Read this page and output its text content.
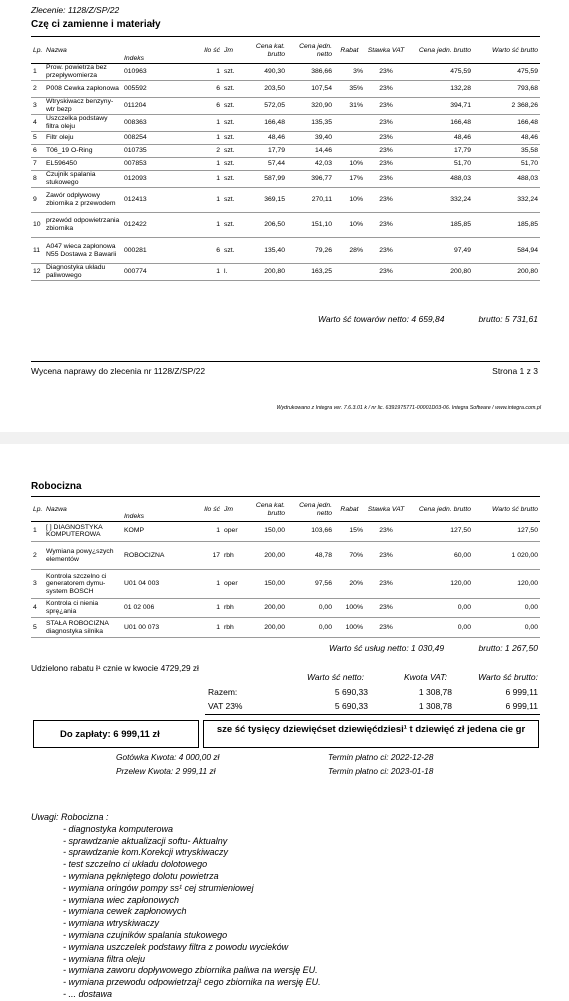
Zlecenie: 1128/Z/SP/22
Czę ci zamienne i materiały
Lp.	Nazwa	Indeks	Ilo ść	Jm	Cena kat. brutto	Cena jedn. netto	Rabat	Stawka VAT	Cena jedn. brutto	Warto ść brutto

1	Prow. powietrza bez przepływomierza	010963	1	szt.	490,30	386,66	3%	23%	475,59	475,59
2	P008 Cewka zapłonowa	005592	6	szt.	203,50	107,54	35%	23%	132,28	793,68
3	Wtryskiwacz benzyny-wtr bezp	011204	6	szt.	572,05	320,90	31%	23%	394,71	2 368,26
4	Uszczelka podstawy filtra oleju	008363	1	szt.	166,48	135,35		23%	166,48	166,48
5	Filtr oleju	008254	1	szt.	48,46	39,40		23%	48,46	48,46
6	T06_19 O-Ring	010735	2	szt.	17,79	14,46		23%	17,79	35,58
7	EL596450	007853	1	szt.	57,44	42,03	10%	23%	51,70	51,70
8	Czujnik spalania stukowego	012093	1	szt.	587,99	396,77	17%	23%	488,03	488,03
9	Zawór odpływowy zbiornika z przewodem	012413	1	szt.	369,15	270,11	10%	23%	332,24	332,24
10	przewód odpowietrzania zbiornika	012422	1	szt.	206,50	151,10	10%	23%	185,85	185,85
11	A047 wieca zapłonowa N55 Dostawa z Bawarii	000281	6	szt.	135,40	79,26	28%	23%	97,49	584,94
12	Diagnostyka układu paliwowego	000774	1	l.	200,80	163,25		23%	200,80	200,80
Warto ść towarów netto: 4 659,84	brutto: 5 731,61
Wycena naprawy do zlecenia nr 1128/Z/SP/22	Strona 1 z 3
Wydrukowano z Integra ver. 7.6.3.01 k / nr lic. 6391975771-00001D03-06. Integra Software / www.integra.com.pl
Robocizna
Lp.	Nazwa	Indeks	Ilo ść	Jm	Cena kat. brutto	Cena jedn. netto	Rabat	Stawka VAT	Cena jedn. brutto	Warto ść brutto

1	[ ] DIAGNOSTYKA KOMPUTEROWA	KOMP	1	oper	150,00	103,66	15%	23%	127,50	127,50
2	Wymiana powy¿szych elementów	ROBOCIZNA	17	rbh	200,00	48,78	70%	23%	60,00	1 020,00
3	Kontrola szczelno ci generatorem dymu-system BOSCH	U01 04 003	1	oper	150,00	97,56	20%	23%	120,00	120,00
4	Kontrola ci nienia sprę¿ania	01 02 006	1	rbh	200,00	0,00	100%	23%	0,00	0,00
5	STAŁA ROBOCIZNA diagnostyka silnika	U01 00 073	1	rbh	200,00	0,00	100%	23%	0,00	0,00
Warto ść usług netto: 1 030,49	brutto: 1 267,50
Udzielono rabatu ł¹ cznie w kwocie 4729,29 zł
Warto ść netto:	Kwota VAT:	Warto ść brutto:
Razem:	5 690,33	1 308,78	6 999,11
VAT 23%	5 690,33	1 308,78	6 999,11
Do zapłaty: 6 999,11 zł	sze ść tysięcy dziewięćset dziewięćdziesi¹ t dziewięć zł jedena cie gr
Gotówka Kwota: 4 000,00 zł	Termin płatno ci: 2022-12-28
Przelew Kwota: 2 999,11 zł	Termin płatno ci: 2023-01-18
Uwagi: Robocizna :
- diagnostyka komputerowa
- sprawdzanie aktualizacji softu- Aktualny
- sprawdzanie kom.Korekcji wtryskiwaczy
- test szczelno ci układu dolotowego
- wymiana pękniętego dolotu powietrza
- wymiana oringów pompy ss¹ cej strumieniowej
- wymiana wiec zapłonowych
- wymiana cewek zapłonowych
- wymiana wtryskiwaczy
- wymiana czujników spalania stukowego
- wymiana uszczelek podstawy filtra z powodu wycieków
- wymiana filtra oleju
- wymiana zaworu dopływowego zbiornika paliwa na wersję EU.
- wymiana przewodu odpowietrzaj¹ cego zbiornika na wersję EU.
- ... dostawa
